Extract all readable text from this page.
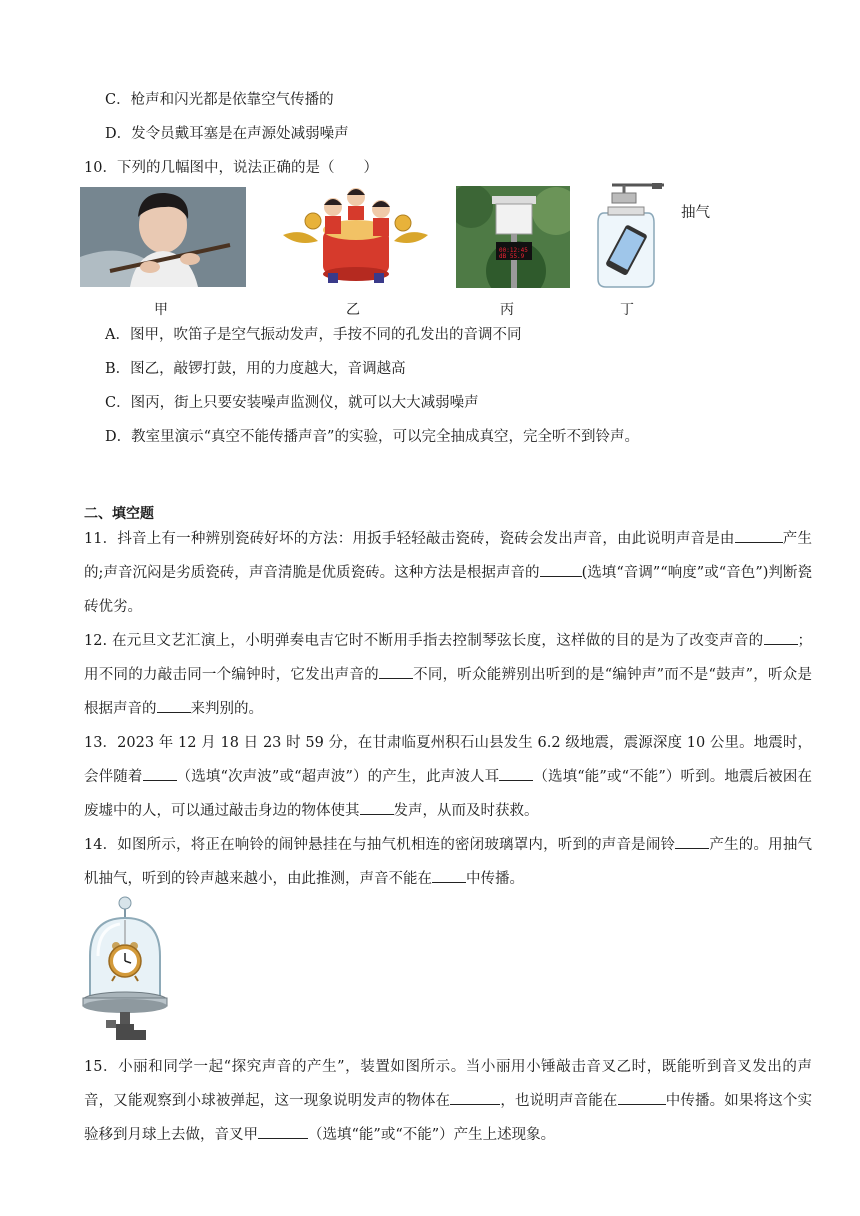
C．枪声和闪光都是依靠空气传播的
D．发令员戴耳塞是在声源处减弱噪声
10．下列的几幅图中，说法正确的是（　　）
甲	乙
00:12:45
dB 55.9
丙
抽气
丁
A．图甲，吹笛子是空气振动发声，手按不同的孔发出的音调不同
B．图乙，敲锣打鼓，用的力度越大，音调越高
C．图丙，街上只要安装噪声监测仪，就可以大大减弱噪声
D．教室里演示“真空不能传播声音”的实验，可以完全抽成真空，完全听不到铃声。
二、填空题
11．抖音上有一种辨别瓷砖好坏的方法：用扳手轻轻敲击瓷砖，瓷砖会发出声音，由此说明声音是由	产生的;声音沉闷是劣质瓷砖，声音清脆是优质瓷砖。这种方法是根据声音的	(选填“音调”“响度”或“音色”)判断瓷砖优劣。
12. 在元旦文艺汇演上，小明弹奏电吉它时不断用手指去控制琴弦长度，这样做的目的是为了改变声音的 ；用不同的力敲击同一个编钟时，它发出声音的 不同，听众能辨别出听到的是“编钟声”而不是“鼓声”，听众是根据声音的 来判别的。
13．2023 年 12 月 18 日 23 时 59 分，在甘肃临夏州积石山县发生 6.2 级地震，震源深度 10 公里。地震时，会伴随着 （选填“次声波”或“超声波”）的产生，此声波人耳 （选填“能”或“不能”）听到。地震后被困在废墟中的人，可以通过敲击身边的物体使其 发声，从而及时获救。
14．如图所示，将正在响铃的闹钟悬挂在与抽气机相连的密闭玻璃罩内，听到的声音是闹铃 产生的。用抽气机抽气，听到的铃声越来越小，由此推测，声音不能在 中传播。
15．小丽和同学一起“探究声音的产生”，装置如图所示。当小丽用小锤敲击音叉乙时，既能听到音叉发出的声音，又能观察到小球被弹起，这一现象说明发声的物体在	，也说明声音能在	中传播。如果将这个实验移到月球上去做，音叉甲	（选填“能”或“不能”）产生上述现象。
